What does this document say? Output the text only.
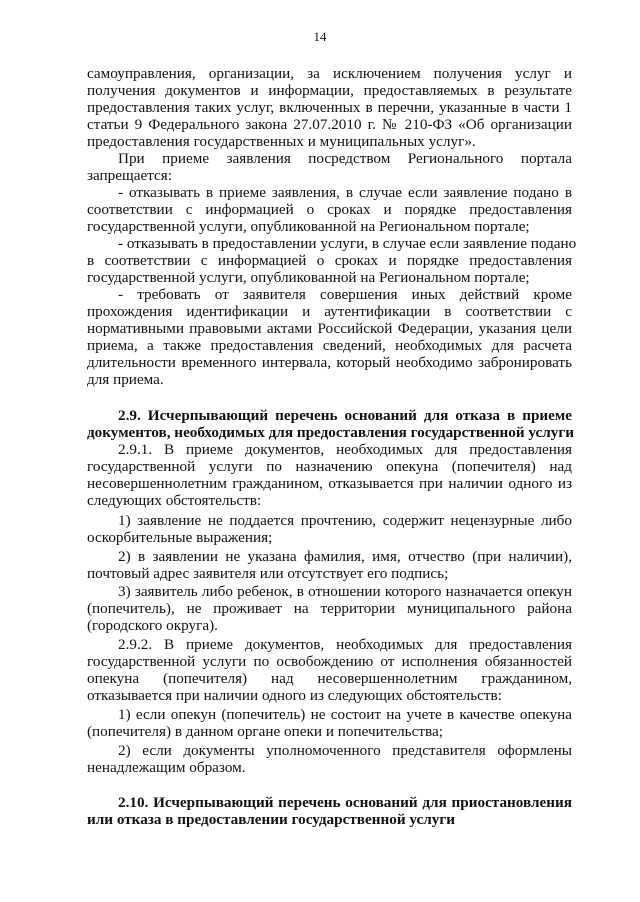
14
самоуправления, организации, за исключением получения услуг и
получения документов и информации, предоставляемых в результате
предоставления таких услуг, включенных в перечни, указанные в части 1
статьи 9 Федерального закона 27.07.2010 г. № 210-ФЗ «Об организации
предоставления государственных и муниципальных услуг».
При приеме заявления посредством Регионального портала
запрещается:
- отказывать в приеме заявления, в случае если заявление подано в
соответствии с информацией о сроках и порядке предоставления
государственной услуги, опубликованной на Региональном портале;
- отказывать в предоставлении услуги, в случае если заявление подано
в соответствии с информацией о сроках и порядке предоставления
государственной услуги, опубликованной на Региональном портале;
- требовать от заявителя совершения иных действий кроме
прохождения идентификации и аутентификации в соответствии с
нормативными правовыми актами Российской Федерации, указания цели
приема, а также предоставления сведений, необходимых для расчета
длительности временного интервала, который необходимо забронировать
для приема.
2.9. Исчерпывающий перечень оснований для отказа в приеме
документов, необходимых для предоставления государственной услуги
2.9.1. В приеме документов, необходимых для предоставления
государственной услуги по назначению опекуна (попечителя) над
несовершеннолетним гражданином, отказывается при наличии одного из
следующих обстоятельств:
1) заявление не поддается прочтению, содержит нецензурные либо
оскорбительные выражения;
2) в заявлении не указана фамилия, имя, отчество (при наличии),
почтовый адрес заявителя или отсутствует его подпись;
3) заявитель либо ребенок, в отношении которого назначается опекун
(попечитель), не проживает на территории муниципального района
(городского округа).
2.9.2. В приеме документов, необходимых для предоставления
государственной услуги по освобождению от исполнения обязанностей
опекуна (попечителя) над несовершеннолетним гражданином,
отказывается при наличии одного из следующих обстоятельств:
1) если опекун (попечитель) не состоит на учете в качестве опекуна
(попечителя) в данном органе опеки и попечительства;
2) если документы уполномоченного представителя оформлены
ненадлежащим образом.
2.10. Исчерпывающий перечень оснований для приостановления
или отказа в предоставлении государственной услуги
